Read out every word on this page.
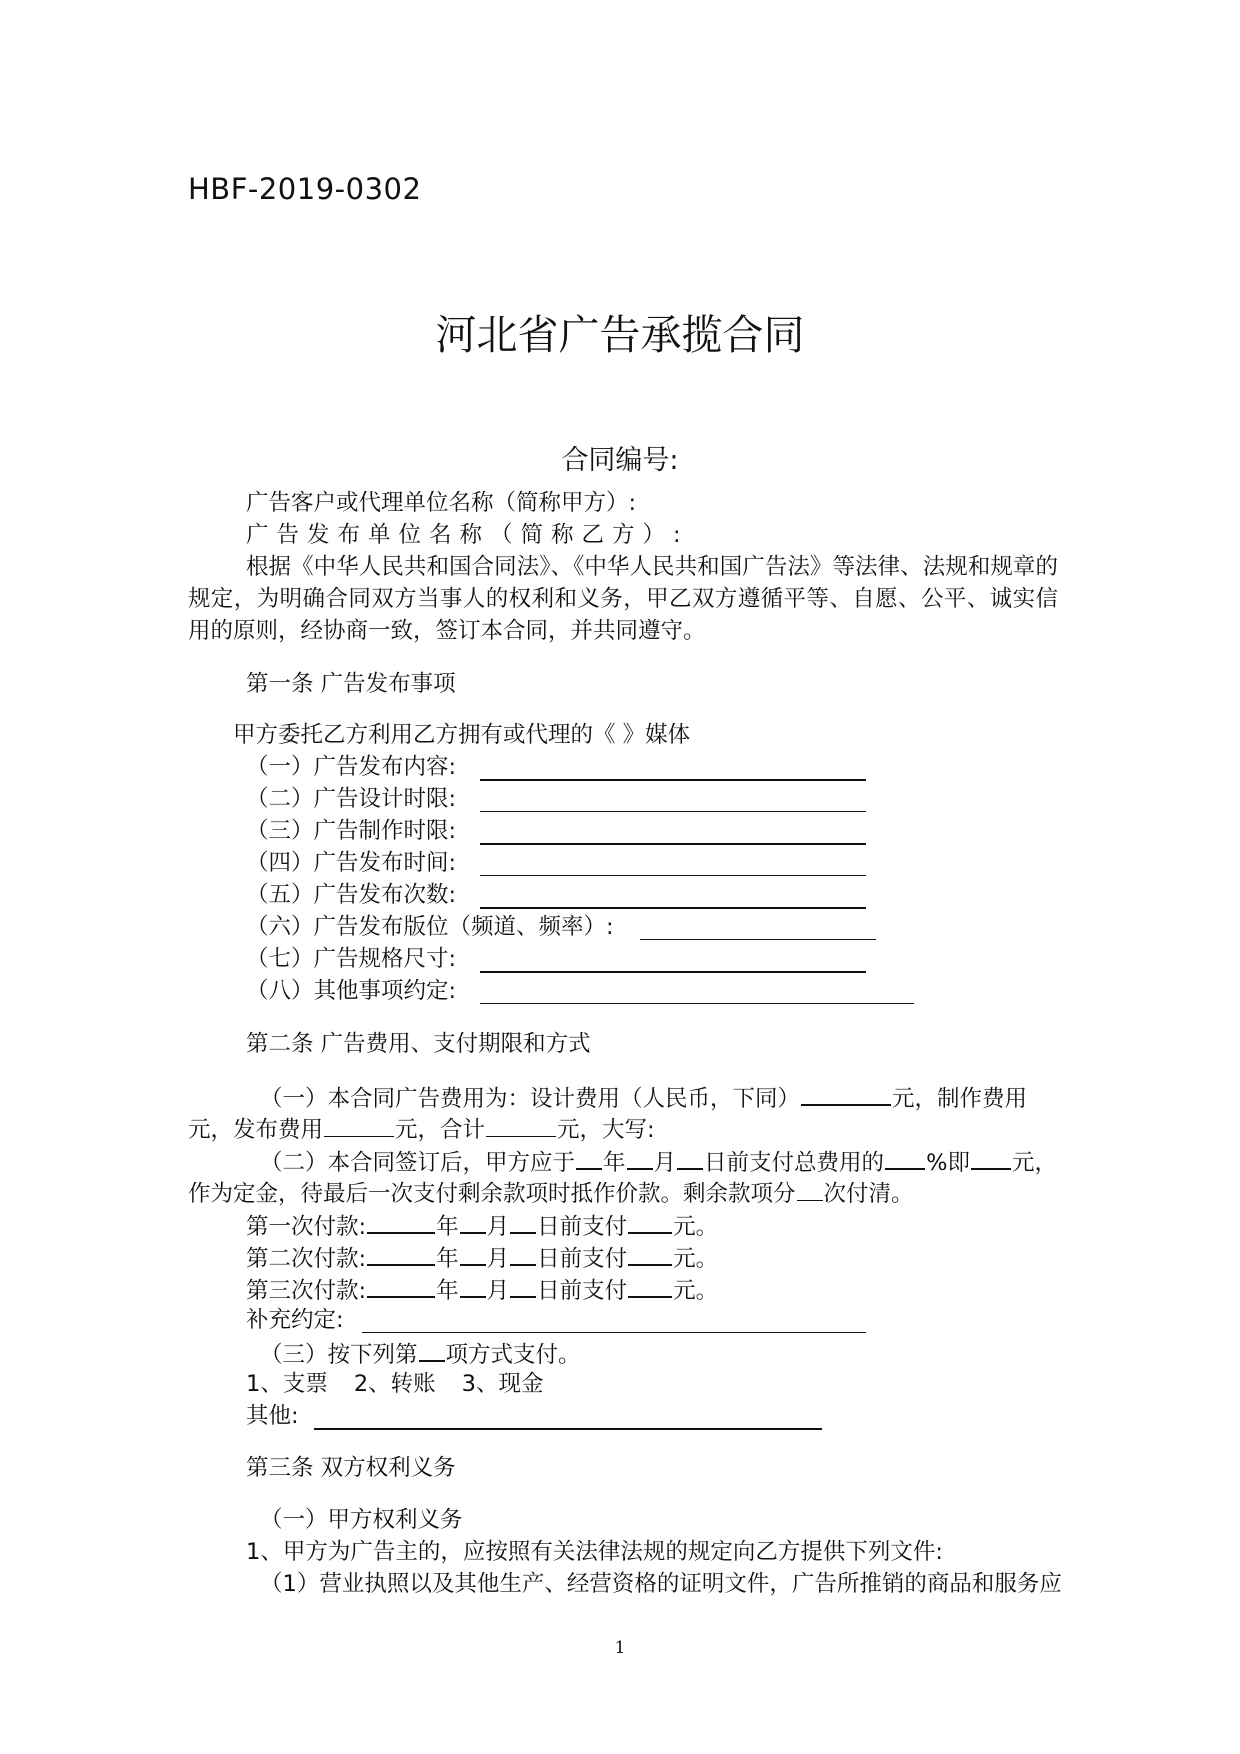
HBF-2019-0302
河北省广告承揽合同
合同编号:
广告客户或代理单位名称（简称甲方）:
广告发布单位名称（简称乙方）:
根据《中华人民共和国合同法》、《中华人民共和国广告法》等法律、法规和规章的规定，为明确合同双方当事人的权利和义务，甲乙双方遵循平等、自愿、公平、诚实信用的原则，经协商一致，签订本合同，并共同遵守。
第一条 广告发布事项
甲方委托乙方利用乙方拥有或代理的《 》媒体
（一）广告发布内容:
（二）广告设计时限:
（三）广告制作时限:
（四）广告发布时间:
（五）广告发布次数:
（六）广告发布版位（频道、频率）:
（七）广告规格尺寸:
（八）其他事项约定:
第二条 广告费用、支付期限和方式
（一）本合同广告费用为：设计费用（人民币，下同）	元，制作费用
元，发布费用	元，合计	元，大写:
（二）本合同签订后，甲方应于 年 月 日前支付总费用的 %即 元，
作为定金，待最后一次支付剩余款项时抵作价款。剩余款项分 次付清。
第一次付款:	年 月 日前支付 元。
第二次付款:	年 月 日前支付 元。
第三次付款:	年 月 日前支付 元。
补充约定:
（三）按下列第 项方式支付。
1、支票 2、转账 3、现金
其他:
第三条 双方权利义务
（一）甲方权利义务
1、甲方为广告主的，应按照有关法律法规的规定向乙方提供下列文件:
（1）营业执照以及其他生产、经营资格的证明文件，广告所推销的商品和服务应
1
